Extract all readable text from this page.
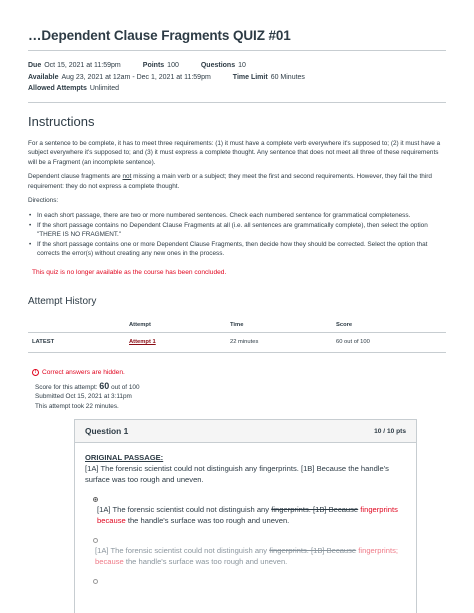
…Dependent Clause Fragments QUIZ #01
Due Oct 15, 2021 at 11:59pm	Points 100	Questions 10
Available Aug 23, 2021 at 12am - Dec 1, 2021 at 11:59pm	Time Limit 60 Minutes
Allowed Attempts Unlimited
Instructions

For a sentence to be complete, it has to meet three requirements: (1) it must have a complete verb everywhere it's supposed to; (2) it must have a subject everywhere it's supposed to; and (3) it must express a complete thought. Any sentence that does not meet all three of these requirements will be a Fragment (an incomplete sentence).

Dependent clause fragments are not missing a main verb or a subject; they meet the first and second requirements. However, they fail the third requirement: they do not express a complete thought.

Directions:

• In each short passage, there are two or more numbered sentences. Check each numbered sentence for grammatical completeness.
• If the short passage contains no Dependent Clause Fragments at all (i.e. all sentences are grammatically complete), then select the option "THERE IS NO FRAGMENT."
• If the short passage contains one or more Dependent Clause Fragments, then decide how they should be corrected. Select the option that corrects the error(s) without creating any new ones in the process.
This quiz is no longer available as the course has been concluded.
Attempt History
	Attempt	Time	Score
LATEST	Attempt 1	22 minutes	60 out of 100
! Correct answers are hidden.
Score for this attempt: 60 out of 100
Submitted Oct 15, 2021 at 3:11pm
This attempt took 22 minutes.
Question 1	10 / 10 pts
ORIGINAL PASSAGE:
[1A] The forensic scientist could not distinguish any fingerprints. [1B] Because the handle's surface was too rough and uneven.
[1A] The forensic scientist could not distinguish any fingerprints. [1B] Because fingerprints because the handle's surface was too rough and uneven.
[1A] The forensic scientist could not distinguish any fingerprints. [1B] Because fingerprints; because the handle's surface was too rough and uneven.
